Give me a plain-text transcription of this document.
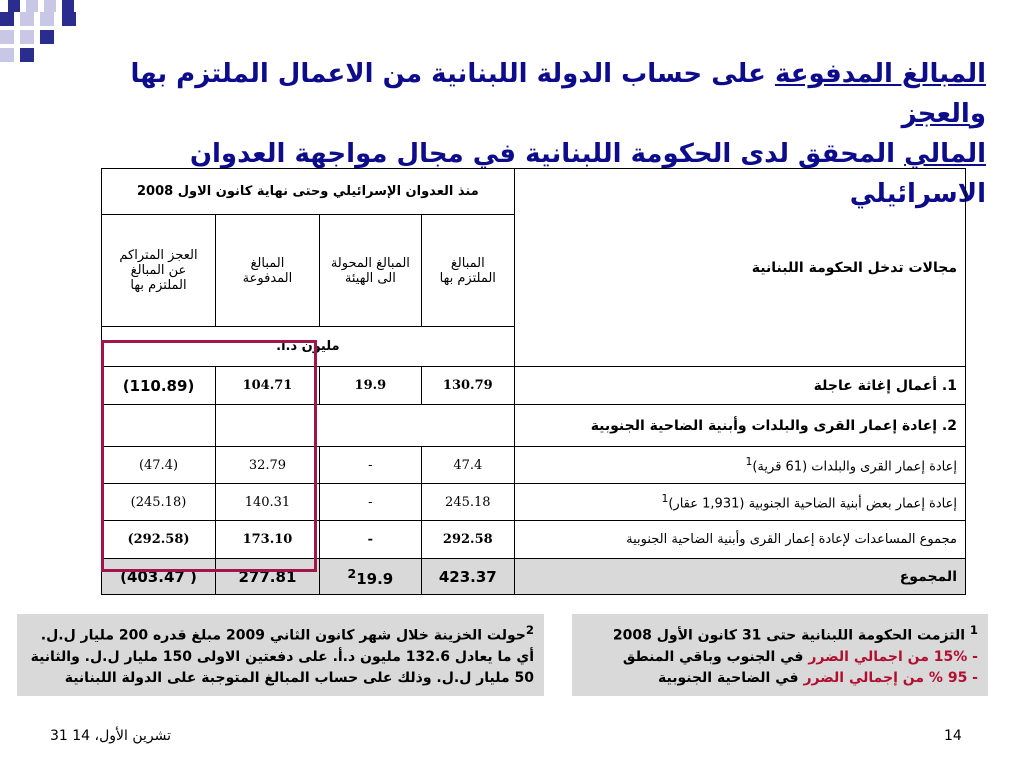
المبالغ المدفوعة على حساب الدولة اللبنانية من الاعمال الملتزم بها والعجز
المالي المحقق لدى الحكومة اللبنانية في مجال مواجهة العدوان الاسرائيلي
مجالات تدخل الحكومة اللبنانية	منذ العدوان الإسرائيلي وحتى نهاية كانون الاول 2008			
	المبالغ الملتزم بها	المبالغ المحولة الى الهيئة	المبالغ المدفوعة	العجز المتراكم عن المبالغ الملتزم بها
	مليون د.ا.			
1. أعمال إغاثة عاجلة	130.79	19.9	104.71	(110.89)
2. إعادة إعمار القرى والبلدات وأبنية الضاحية الجنوبية				
إعادة إعمار القرى والبلدات (61 قرية)$^1$	47.4	-	32.79	(47.4)
إعادة إعمار بعض أبنية الضاحية الجنوبية (1,931 عقار)$^1$	245.18	-	140.31	(245.18)
مجموع المساعدات لإعادة إعمار القرى وأبنية الضاحية الجنوبية	292.58	-	173.10	(292.58)
المجموع	423.37	$^2$19.9	277.81	( 403.47)
$^1$ التزمت الحكومة اللبنانية حتى 31 كانون الأول 2008
- 15% من اجمالي الضرر في الجنوب وباقي المنطق
- 95 % من إجمالي الضرر في الضاحية الجنوبية
$^2$حولت الخزينة خلال شهر كانون الثاني 2009 مبلغ قدره 200 مليار ل.ل. أي ما يعادل 132.6 مليون د.أ. على دفعتين الاولى 150 مليار ل.ل. والثانية 50 مليار ل.ل. وذلك على حساب المبالغ المتوجبة على الدولة اللبنانية
31 تشرين الأول، 14	14
